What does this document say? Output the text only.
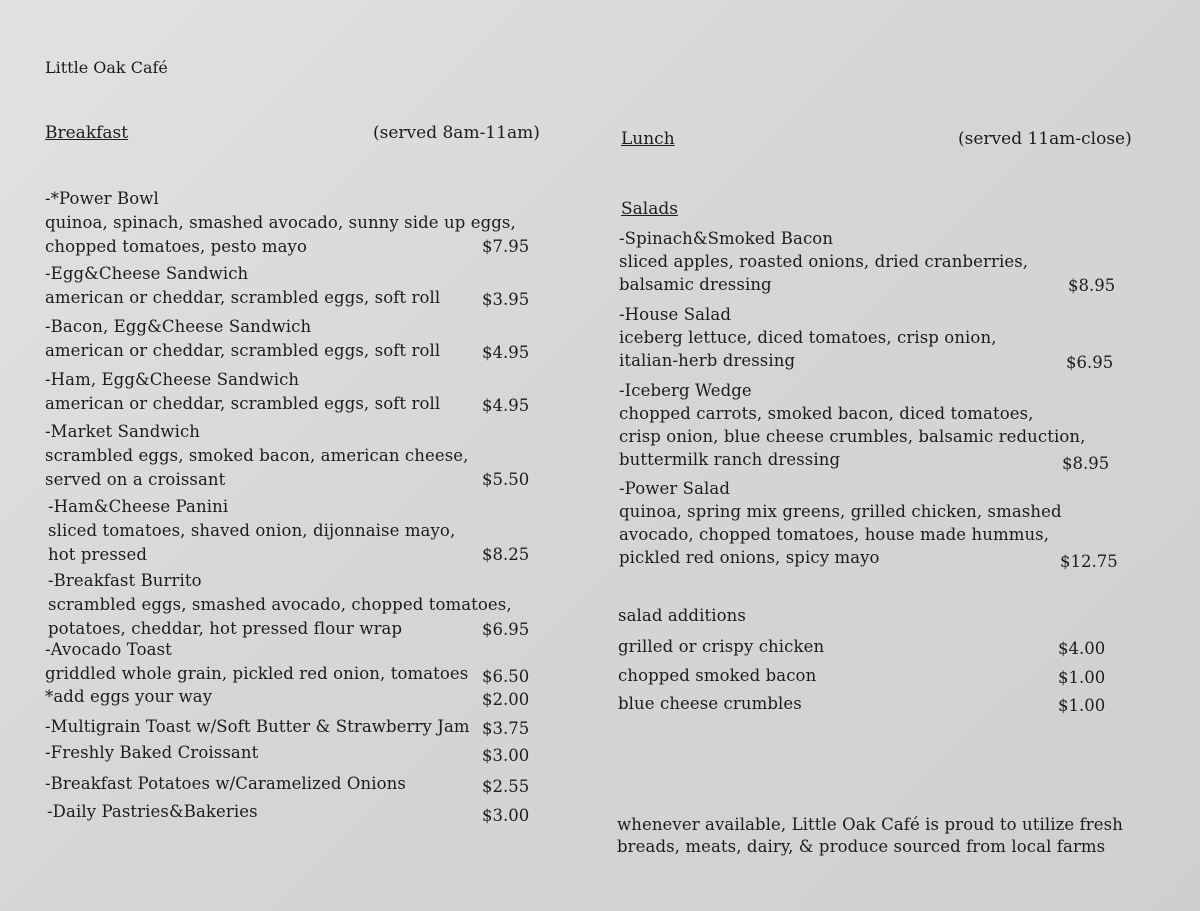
Little Oak Café
Breakfast	(served 8am-11am)	Lunch	(served 11am-close)
-*Power Bowl
quinoa, spinach, smashed avocado, sunny side up eggs,
chopped tomatoes, pesto mayo	$7.95
-Egg&Cheese Sandwich
american or cheddar, scrambled eggs, soft roll	$3.95
-Bacon, Egg&Cheese Sandwich
american or cheddar, scrambled eggs, soft roll	$4.95
-Ham, Egg&Cheese Sandwich
american or cheddar, scrambled eggs, soft roll	$4.95
-Market Sandwich
scrambled eggs, smoked bacon, american cheese,
served on a croissant	$5.50
-Ham&Cheese Panini
sliced tomatoes, shaved onion, dijonnaise mayo,
hot pressed	$8.25
-Breakfast Burrito
scrambled eggs, smashed avocado, chopped tomatoes,
potatoes, cheddar, hot pressed flour wrap	$6.95
-Avocado Toast
griddled whole grain, pickled red onion, tomatoes $6.50
*add eggs your way	$2.00
-Multigrain Toast w/Soft Butter & Strawberry Jam $3.75
-Freshly Baked Croissant	$3.00
-Breakfast Potatoes w/Caramelized Onions	$2.55
-Daily Pastries&Bakeries	$3.00
Salads
-Spinach&Smoked Bacon
sliced apples, roasted onions, dried cranberries,
balsamic dressing	$8.95
-House Salad
iceberg lettuce, diced tomatoes, crisp onion,
italian-herb dressing	$6.95
-Iceberg Wedge
chopped carrots, smoked bacon, diced tomatoes,
crisp onion, blue cheese crumbles, balsamic reduction,
buttermilk ranch dressing	$8.95
-Power Salad
quinoa, spring mix greens, grilled chicken, smashed
avocado, chopped tomatoes, house made hummus,
pickled red onions, spicy mayo	$12.75
salad additions
grilled or crispy chicken	$4.00
chopped smoked bacon	$1.00
blue cheese crumbles	$1.00
whenever available, Little Oak Café is proud to utilize fresh
breads, meats, dairy, & produce sourced from local farms
